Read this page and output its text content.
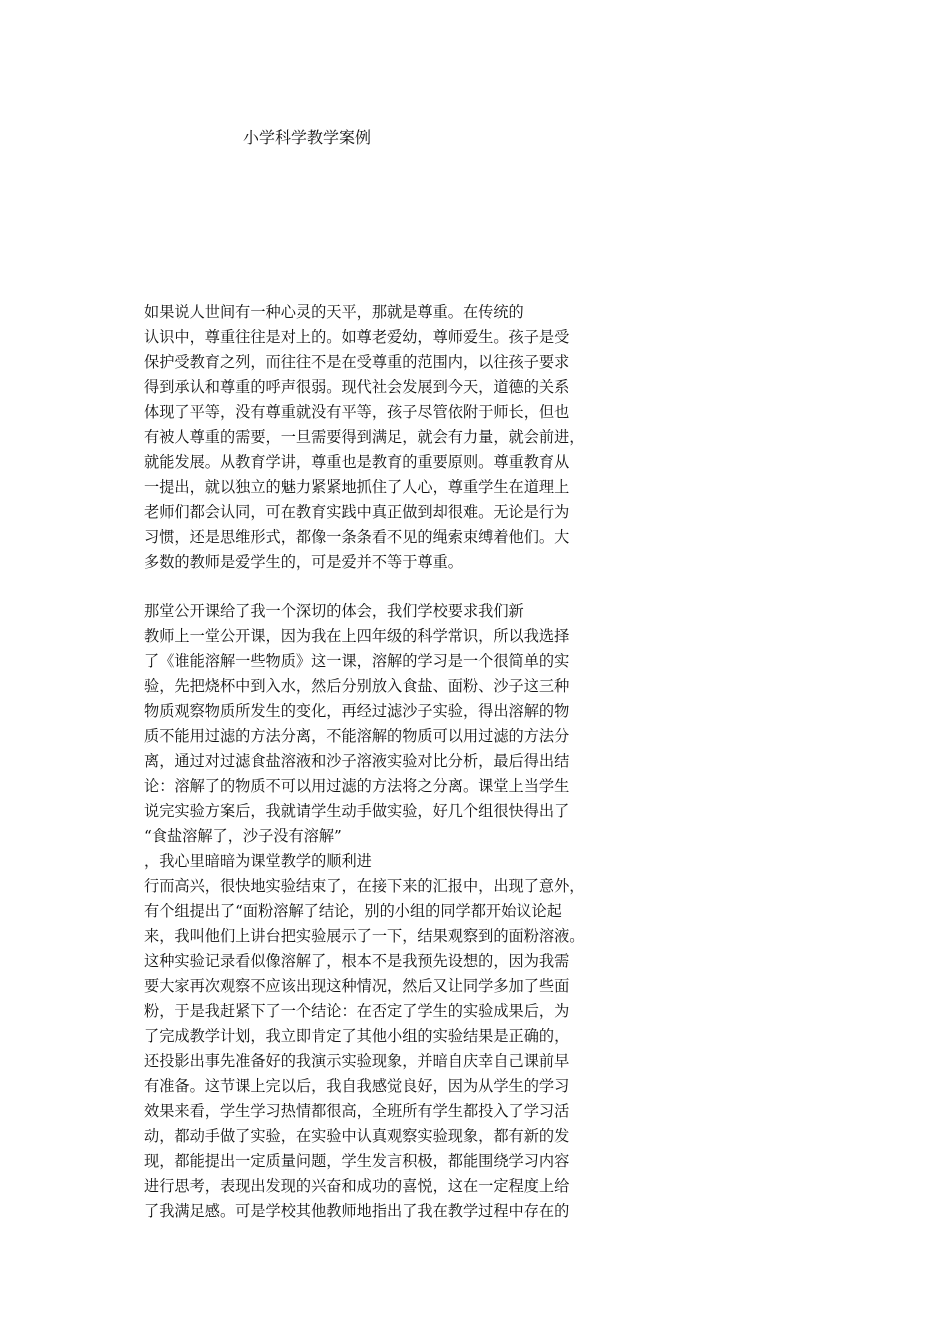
小学科学教学案例
如果说人世间有一种心灵的天平，那就是尊重。在传统的
认识中，尊重往往是对上的。如尊老爱幼，尊师爱生。孩子是受
保护受教育之列，而往往不是在受尊重的范围内，以往孩子要求
得到承认和尊重的呼声很弱。现代社会发展到今天，道德的关系
体现了平等，没有尊重就没有平等，孩子尽管依附于师长，但也
有被人尊重的需要，一旦需要得到满足，就会有力量，就会前进，
就能发展。从教育学讲，尊重也是教育的重要原则。尊重教育从
一提出，就以独立的魅力紧紧地抓住了人心，尊重学生在道理上
老师们都会认同，可在教育实践中真正做到却很难。无论是行为
习惯，还是思维形式，都像一条条看不见的绳索束缚着他们。大
多数的教师是爱学生的，可是爱并不等于尊重。
那堂公开课给了我一个深切的体会，我们学校要求我们新
教师上一堂公开课，因为我在上四年级的科学常识，所以我选择
了《谁能溶解一些物质》这一课，溶解的学习是一个很简单的实
验，先把烧杯中到入水，然后分别放入食盐、面粉、沙子这三种
物质观察物质所发生的变化，再经过滤沙子实验，得出溶解的物
质不能用过滤的方法分离，不能溶解的物质可以用过滤的方法分
离，通过对过滤食盐溶液和沙子溶液实验对比分析，最后得出结
论：溶解了的物质不可以用过滤的方法将之分离。课堂上当学生
说完实验方案后，我就请学生动手做实验，好几个组很快得出了
“食盐溶解了，沙子没有溶解”
，我心里暗暗为课堂教学的顺利进
行而高兴，很快地实验结束了，在接下来的汇报中，出现了意外，
有个组提出了“面粉溶解了结论，别的小组的同学都开始议论起
来，我叫他们上讲台把实验展示了一下，结果观察到的面粉溶液。
这种实验记录看似像溶解了，根本不是我预先设想的，因为我需
要大家再次观察不应该出现这种情况，然后又让同学多加了些面
粉，于是我赶紧下了一个结论：在否定了学生的实验成果后，为
了完成教学计划，我立即肯定了其他小组的实验结果是正确的，
还投影出事先准备好的我演示实验现象，并暗自庆幸自己课前早
有准备。这节课上完以后，我自我感觉良好，因为从学生的学习
效果来看，学生学习热情都很高，全班所有学生都投入了学习活
动，都动手做了实验，在实验中认真观察实验现象，都有新的发
现，都能提出一定质量问题，学生发言积极，都能围绕学习内容
进行思考，表现出发现的兴奋和成功的喜悦，这在一定程度上给
了我满足感。可是学校其他教师地指出了我在教学过程中存在的
